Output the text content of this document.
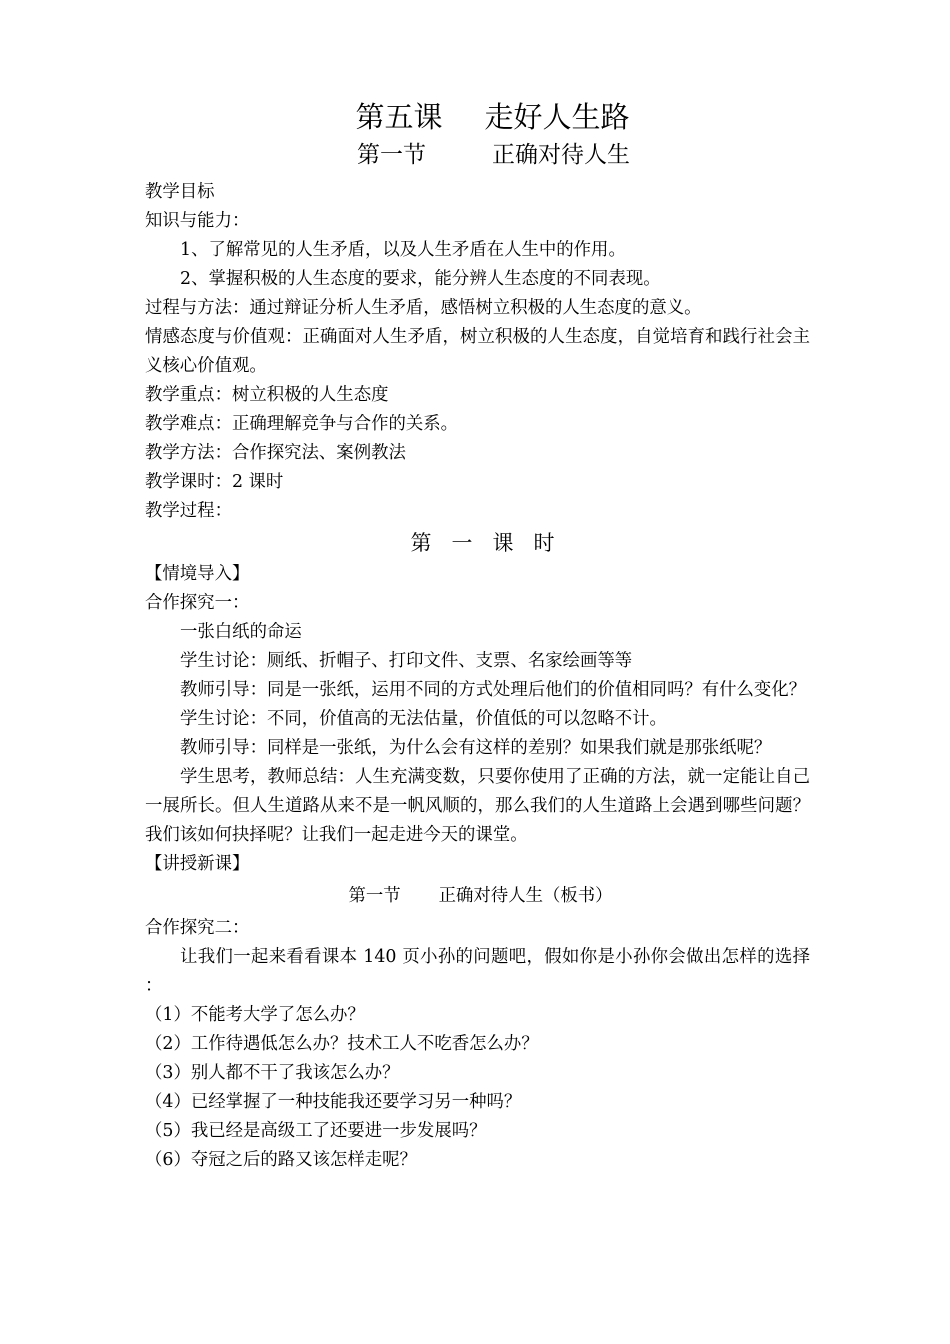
第五课 走好人生路
第一节	正确对待人生
教学目标
知识与能力：
1、了解常见的人生矛盾，以及人生矛盾在人生中的作用。
2、掌握积极的人生态度的要求，能分辨人生态度的不同表现。
过程与方法：通过辩证分析人生矛盾，感悟树立积极的人生态度的意义。
情感态度与价值观：正确面对人生矛盾，树立积极的人生态度，自觉培育和践行社会主义核心价值观。
教学重点：树立积极的人生态度
教学难点：正确理解竞争与合作的关系。
教学方法：合作探究法、案例教法
教学课时：2 课时
教学过程：
第一课时
【情境导入】
合作探究一：
一张白纸的命运
学生讨论：厕纸、折帽子、打印文件、支票、名家绘画等等
教师引导：同是一张纸，运用不同的方式处理后他们的价值相同吗？有什么变化？
学生讨论：不同，价值高的无法估量，价值低的可以忽略不计。
教师引导：同样是一张纸，为什么会有这样的差别？如果我们就是那张纸呢？
学生思考，教师总结：人生充满变数，只要你使用了正确的方法，就一定能让自己一展所长。但人生道路从来不是一帆风顺的，那么我们的人生道路上会遇到哪些问题？我们该如何抉择呢？让我们一起走进今天的课堂。
【讲授新课】
第一节 正确对待人生（板书）
合作探究二：
让我们一起来看看课本 140 页小孙的问题吧，假如你是小孙你会做出怎样的选择 ：
（1）不能考大学了怎么办？
（2）工作待遇低怎么办？技术工人不吃香怎么办？
（3）别人都不干了我该怎么办？
（4）已经掌握了一种技能我还要学习另一种吗？
（5）我已经是高级工了还要进一步发展吗？
（6）夺冠之后的路又该怎样走呢？
